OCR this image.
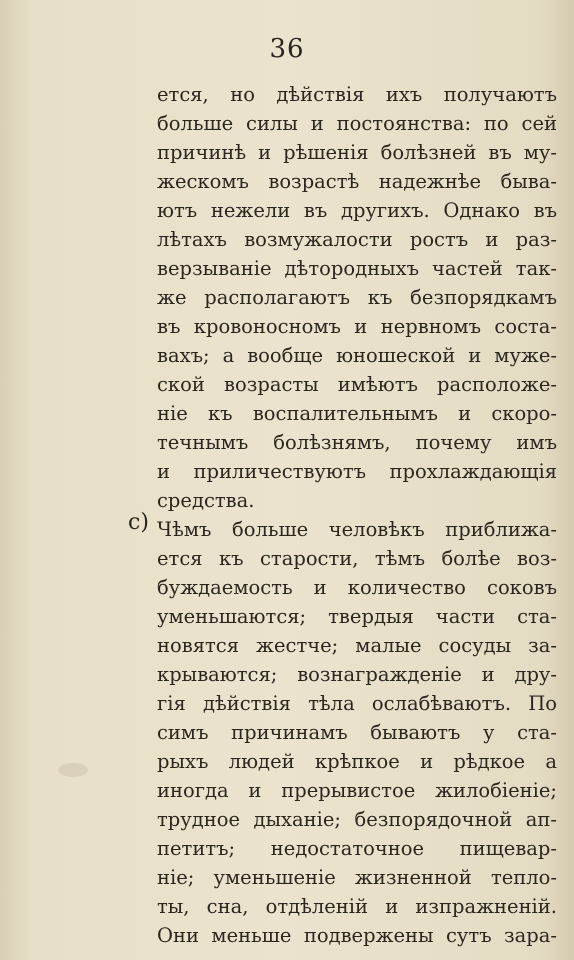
36
c)
ется, но дѣйствія ихъ получаютъ
больше силы и постоянства: по сей
причинѣ и рѣшенія болѣзней въ му-
жескомъ возрастѣ надежнѣе быва-
ютъ нежели въ другихъ. Однако въ
лѣтахъ возмужалости ростъ и раз-
верзываніе дѣтородныхъ частей так-
же располагаютъ къ безпорядкамъ
въ кровоносномъ и нервномъ соста-
вахъ; а вообще юношеской и муже-
ской возрасты имѣютъ расположе-
ніе къ воспалительнымъ и скоро-
течнымъ болѣзнямъ, почему имъ
и приличествуютъ прохлаждающія
средства.
Чѣмъ больше человѣкъ приближа-
ется къ старости, тѣмъ болѣе воз-
буждаемость и количество соковъ
уменьшаются; твердыя части ста-
новятся жестче; малые сосуды за-
крываются; вознагражденіе и дру-
гія дѣйствія тѣла ослабѣваютъ. По
симъ причинамъ бываютъ у ста-
рыхъ людей крѣпкое и рѣдкое а
иногда и прерывистое жилобіеніе;
трудное дыханіе; безпорядочной ап-
петитъ; недостаточное пищевар-
ніе; уменьшеніе жизненной тепло-
ты, сна, отдѣленій и изпражненій.
Они меньше подвержены сутъ зара-
